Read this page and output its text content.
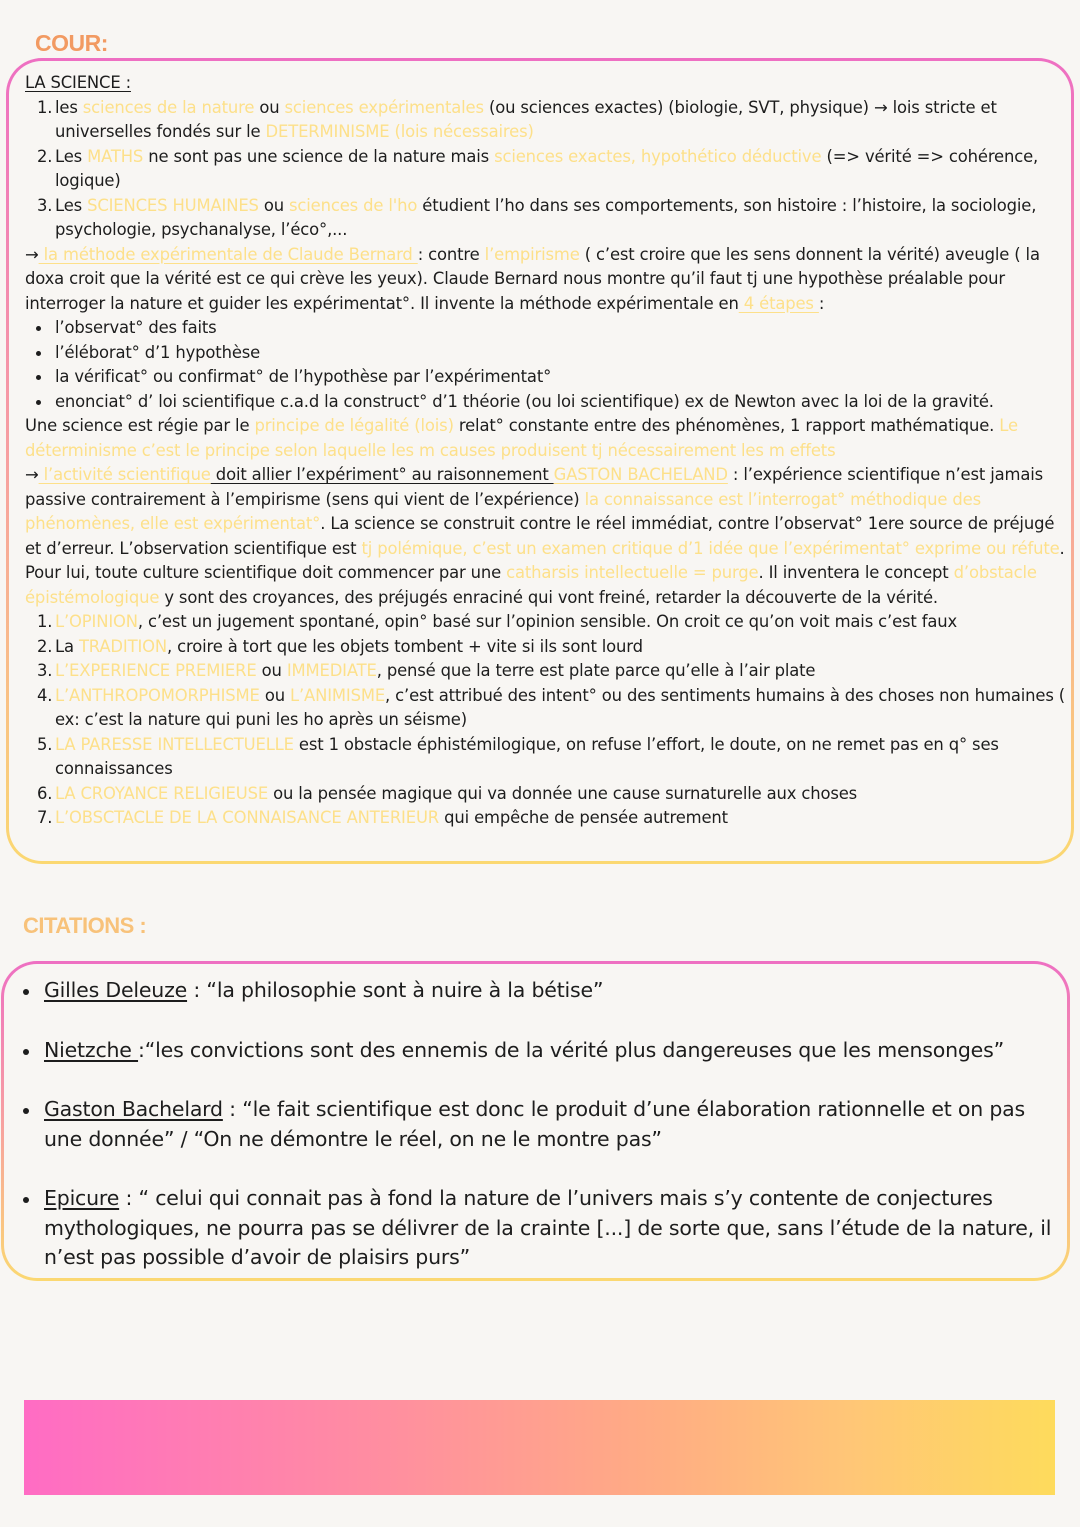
COUR:

LA SCIENCE :

1. les sciences de la nature ou sciences expérimentales (ou sciences exactes) (biologie, SVT, physique) → lois stricte et universelles fondés sur le DETERMINISME (lois nécessaires)
2. Les MATHS ne sont pas une science de la nature mais sciences exactes, hypothético déductive (=> vérité => cohérence, logique)
3. Les SCIENCES HUMAINES ou sciences de l'ho étudient l’ho dans ses comportements, son histoire : l’histoire, la sociologie, psychologie, psychanalyse, l’éco°,...

→ la méthode expérimentale de Claude Bernard : contre l’empirisme ( c’est croire que les sens donnent la vérité) aveugle ( la doxa croit que la vérité est ce qui crève les yeux). Claude Bernard nous montre qu’il faut tj une hypothèse préalable pour interroger la nature et guider les expérimentat°. Il invente la méthode expérimentale en 4 étapes :

l’observat° des faits
l’éléborat° d’1 hypothèse
la vérificat° ou confirmat° de l’hypothèse par l’expérimentat°
enonciat° d’ loi scientifique c.a.d la construct° d’1 théorie (ou loi scientifique) ex de Newton avec la loi de la gravité.

Une science est régie par le principe de légalité (lois) relat° constante entre des phénomènes, 1 rapport mathématique. Le déterminisme c’est le principe selon laquelle les m causes produisent tj nécessairement les m effets

→ l’activité scientifique doit allier l’expériment° au raisonnement GASTON BACHELAND : l’expérience scientifique n’est jamais passive contrairement à l’empirisme (sens qui vient de l’expérience) la connaissance est l’interrogat° méthodique des phénomènes, elle est expérimentat°. La science se construit contre le réel immédiat, contre l’observat° 1ere source de préjugé et d’erreur. L’observation scientifique est tj polémique, c’est un examen critique d’1 idée que l’expérimentat° exprime ou réfute. Pour lui, toute culture scientifique doit commencer par une catharsis intellectuelle = purge. Il inventera le concept d’obstacle épistémologique y sont des croyances, des préjugés enraciné qui vont freiné, retarder la découverte de la vérité.

1. L’OPINION, c’est un jugement spontané, opin° basé sur l’opinion sensible. On croit ce qu’on voit mais c’est faux
2. La TRADITION, croire à tort que les objets tombent + vite si ils sont lourd
3. L’EXPERIENCE PREMIERE ou IMMEDIATE, pensé que la terre est plate parce qu’elle à l’air plate
4. L’ANTHROPOMORPHISME ou L’ANIMISME, c’est attribué des intent° ou des sentiments humains à des choses non humaines ( ex: c’est la nature qui puni les ho après un séisme)
5. LA PARESSE INTELLECTUELLE est 1 obstacle éphistémilogique, on refuse l’effort, le doute, on ne remet pas en q° ses connaissances
6. LA CROYANCE RELIGIEUSE ou la pensée magique qui va donnée une cause surnaturelle aux choses
7. L’OBSCTACLE DE LA CONNAISANCE ANTERIEUR qui empêche de pensée autrement
CITATIONS :
Gilles Deleuze : “la philosophie sont à nuire à la bétise”
Nietzche :“les convictions sont des ennemis de la vérité plus dangereuses que les mensonges”
Gaston Bachelard : “le fait scientifique est donc le produit d’une élaboration rationnelle et on pas une donnée” / “On ne démontre le réel, on ne le montre pas”
Epicure : “ celui qui connait pas à fond la nature de l’univers mais s’y contente de conjectures mythologiques, ne pourra pas se délivrer de la crainte [...] de sorte que, sans l’étude de la nature, il n’est pas possible d’avoir de plaisirs purs”
